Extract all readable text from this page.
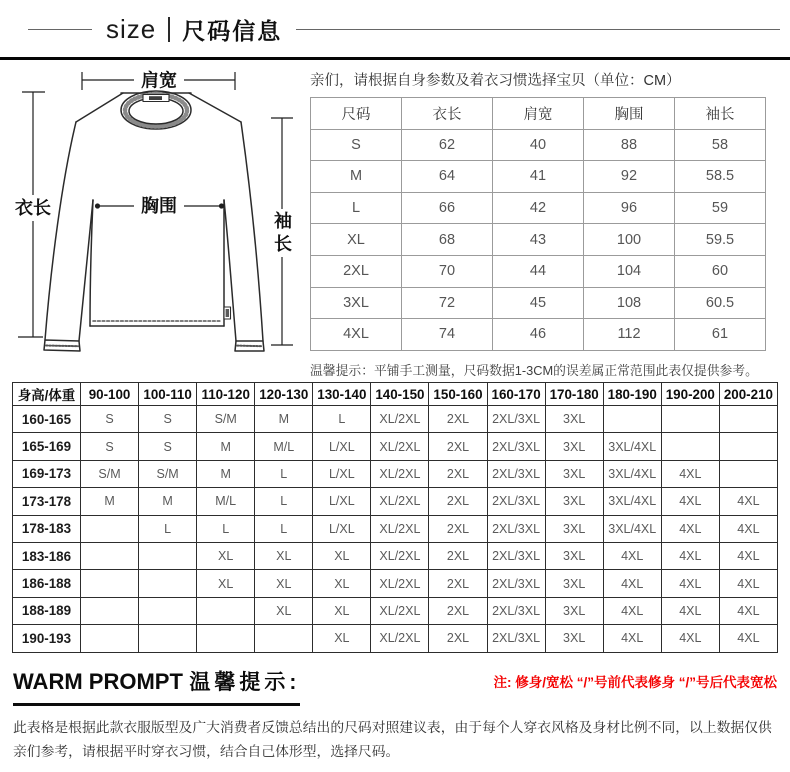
size 尺码信息
肩宽
衣长	胸围
袖
长
亲们，请根据自身参数及着衣习惯选择宝贝（单位：CM）
尺码	衣长	肩宽	胸围	袖长
S	62	40	88	58
M	64	41	92	58.5
L	66	42	96	59
XL	68	43	100	59.5
2XL	70	44	104	60
3XL	72	45	108	60.5
4XL	74	46	112	61
温馨提示：平铺手工测量，尺码数据1-3CM的误差属正常范围此表仅提供参考。
身高/体重	90-100	100-110	110-120	120-130	130-140	140-150	150-160	160-170	170-180	180-190	190-200	200-210
160-165	S	S	S/M	M	L	XL/2XL	2XL	2XL/3XL	3XL			
165-169	S	S	M	M/L	L/XL	XL/2XL	2XL	2XL/3XL	3XL	3XL/4XL		
169-173	S/M	S/M	M	L	L/XL	XL/2XL	2XL	2XL/3XL	3XL	3XL/4XL	4XL	
173-178	M	M	M/L	L	L/XL	XL/2XL	2XL	2XL/3XL	3XL	3XL/4XL	4XL	4XL
178-183		L	L	L	L/XL	XL/2XL	2XL	2XL/3XL	3XL	3XL/4XL	4XL	4XL
183-186			XL	XL	XL	XL/2XL	2XL	2XL/3XL	3XL	4XL	4XL	4XL
186-188			XL	XL	XL	XL/2XL	2XL	2XL/3XL	3XL	4XL	4XL	4XL
188-189				XL	XL	XL/2XL	2XL	2XL/3XL	3XL	4XL	4XL	4XL
190-193					XL	XL/2XL	2XL	2XL/3XL	3XL	4XL	4XL	4XL
WARM PROMPT 温馨提示:	注: 修身/宽松 “/”号前代表修身 “/”号后代表宽松
此表格是根据此款衣服版型及广大消费者反馈总结出的尺码对照建议表，由于每个人穿衣风格及身材比例不同，以上数据仅供亲们参考，请根据平时穿衣习惯，结合自己体形型，选择尺码。
